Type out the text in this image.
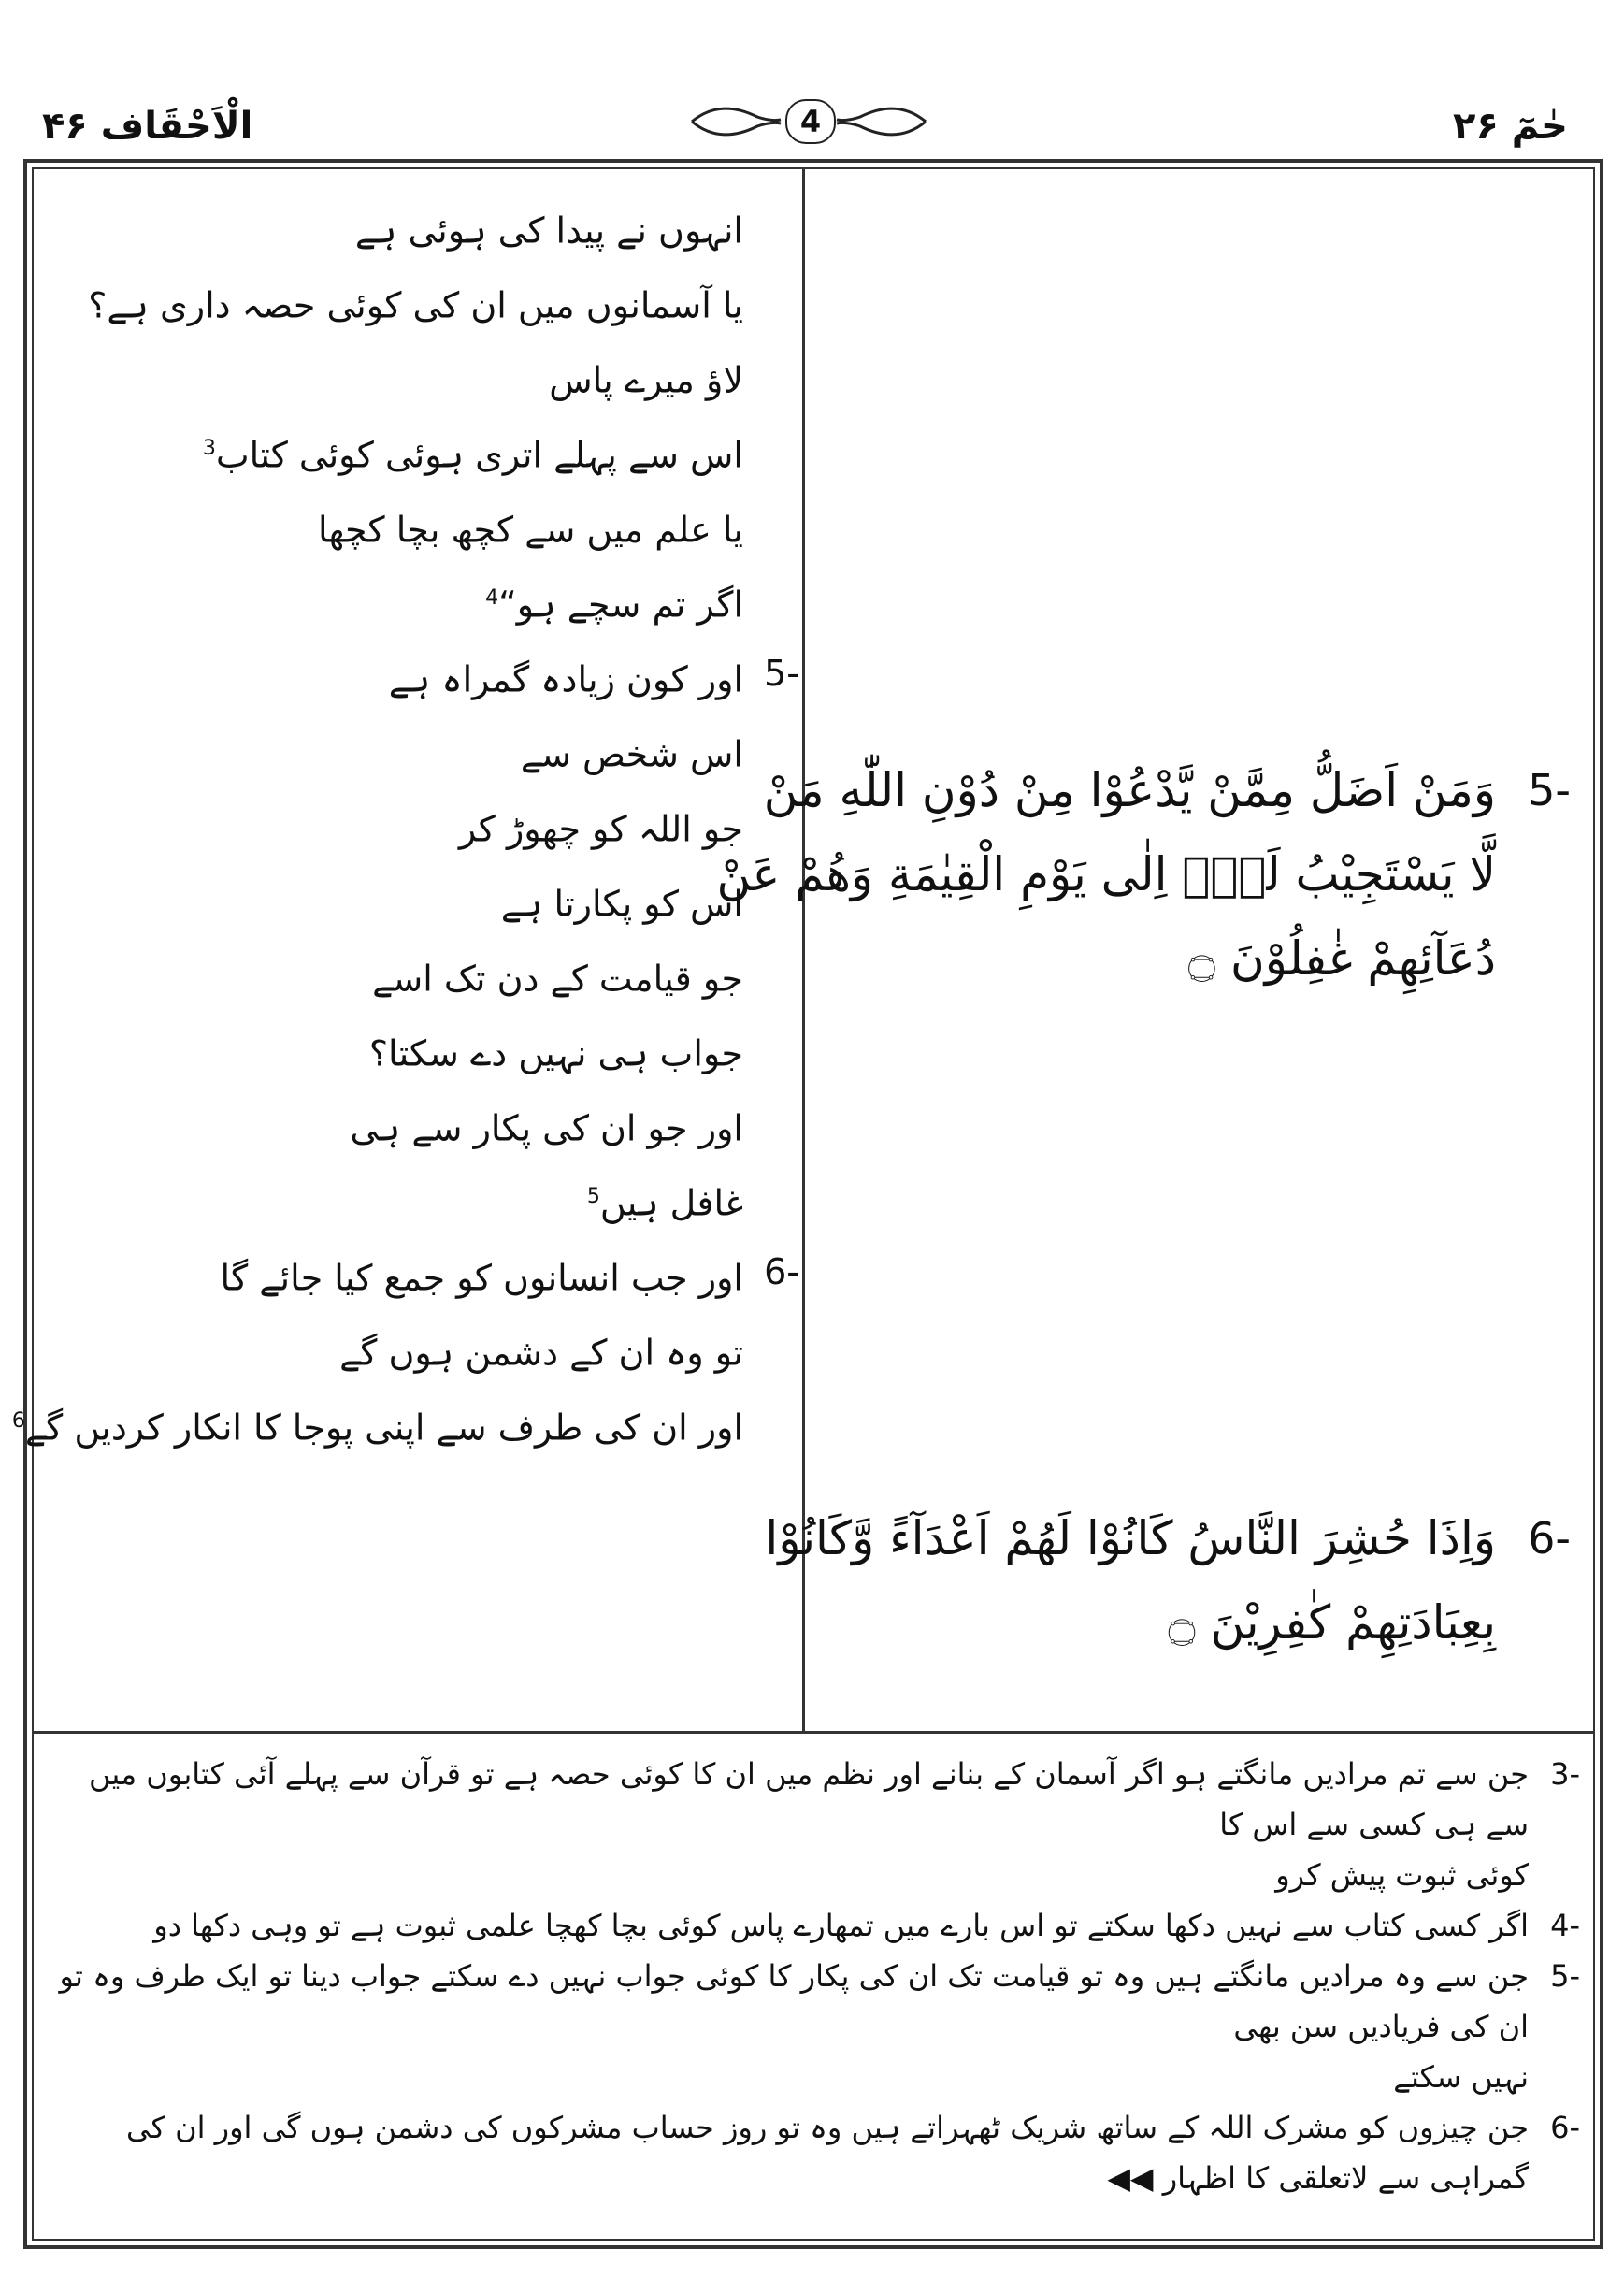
الْاَحْقَاف ۴۶	4	حٰمٓ ۲۶
انہوں نے پیدا کی ہوئی ہے
یا آسمانوں میں ان کی کوئی حصہ داری ہے؟
لاؤ میرے پاس
اس سے پہلے اتری ہوئی کوئی کتاب$^3$
یا علم میں سے کچھ بچا کچھا
اگر تم سچے ہو“$^4$
-5
اور کون زیادہ گمراہ ہے
اس شخص سے
جو اللہ کو چھوڑ کر
اس کو پکارتا ہے
جو قیامت کے دن تک اسے
جواب ہی نہیں دے سکتا؟
اور جو ان کی پکار سے ہی
غافل ہیں$^5$
-6
اور جب انسانوں کو جمع کیا جائے گا
تو وہ ان کے دشمن ہوں گے
اور ان کی طرف سے اپنی پوجا کا انکار کردیں گے$^6$
-5
وَمَنْ اَضَلُّ مِمَّنْ يَّدْعُوْا مِنْ دُوْنِ اللّٰهِ مَنْ
لَّا يَسْتَجِيْبُ لَهٗۤ اِلٰى يَوْمِ الْقِيٰمَةِ وَهُمْ عَنْ
دُعَآئِهِمْ غٰفِلُوْنَ ۝
-6
وَاِذَا حُشِرَ النَّاسُ كَانُوْا لَهُمْ اَعْدَآءً وَّكَانُوْا
بِعِبَادَتِهِمْ كٰفِرِيْنَ ۝
-3
جن سے تم مرادیں مانگتے ہو اگر آسمان کے بنانے اور نظم میں ان کا کوئی حصہ ہے تو قرآن سے پہلے آئی کتابوں میں سے ہی کسی سے اس کا
کوئی ثبوت پیش کرو
-4
اگر کسی کتاب سے نہیں دکھا سکتے تو اس بارے میں تمھارے پاس کوئی بچا کھچا علمی ثبوت ہے تو وہی دکھا دو
-5
جن سے وہ مرادیں مانگتے ہیں وہ تو قیامت تک ان کی پکار کا کوئی جواب نہیں دے سکتے جواب دینا تو ایک طرف وہ تو ان کی فریادیں سن بھی
نہیں سکتے
-6
جن چیزوں کو مشرک اللہ کے ساتھ شریک ٹھہراتے ہیں وہ تو روز حساب مشرکوں کی دشمن ہوں گی اور ان کی گمراہی سے لاتعلقی کا اظہار ◀◀
